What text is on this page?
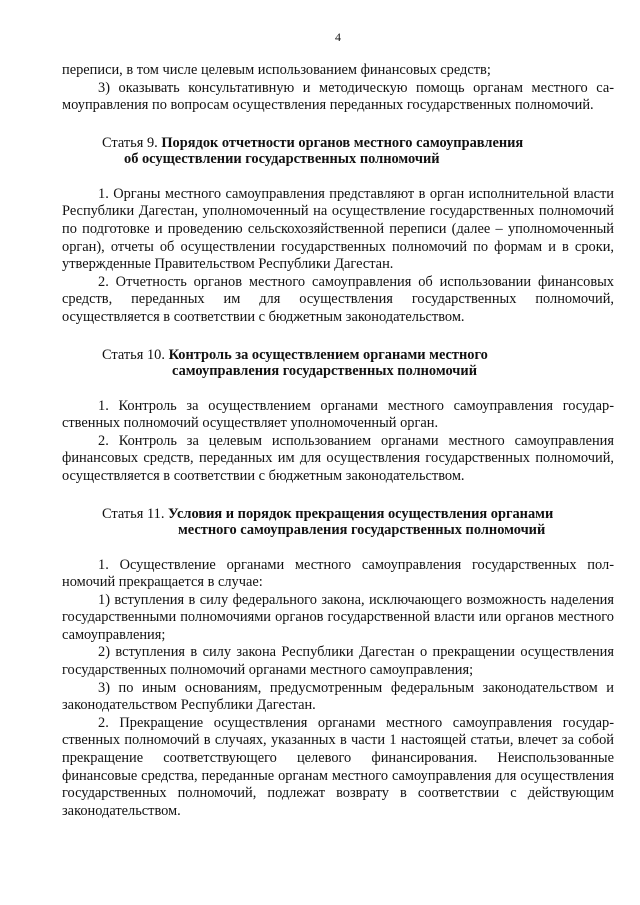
4

переписи, в том числе целевым использованием финансовых средств;

3) оказывать консультативную и методическую помощь органам местного самоуправления по вопросам осуществления переданных государственных полномочий.

Статья 9. Порядок отчетности органов местного самоуправления
об осуществлении государственных полномочий

1. Органы местного самоуправления представляют в орган исполнительной власти Республики Дагестан, уполномоченный на осуществление государственных полномочий по подготовке и проведению сельскохозяйственной переписи (далее – уполномоченный орган), отчеты об осуществлении государственных полномочий по формам и в сроки, утвержденные Правительством Республики Дагестан.

2. Отчетность органов местного самоуправления об использовании финансовых средств, переданных им для осуществления государственных полномочий, осуществляется в соответствии с бюджетным законодательством.

Статья 10. Контроль за осуществлением органами местного
самоуправления государственных полномочий

1. Контроль за осуществлением органами местного самоуправления государственных полномочий осуществляет уполномоченный орган.

2. Контроль за целевым использованием органами местного самоуправления финансовых средств, переданных им для осуществления государственных полномочий, осуществляется в соответствии с бюджетным законодательством.

Статья 11. Условия и порядок прекращения осуществления органами
местного самоуправления государственных полномочий

1. Осуществление органами местного самоуправления государственных полномочий прекращается в случае:

1) вступления в силу федерального закона, исключающего возможность наделения государственными полномочиями органов государственной власти или органов местного самоуправления;

2) вступления в силу закона Республики Дагестан о прекращении осуществления государственных полномочий органами местного самоуправления;

3) по иным основаниям, предусмотренным федеральным законодательством и законодательством Республики Дагестан.

2. Прекращение осуществления органами местного самоуправления государственных полномочий в случаях, указанных в части 1 настоящей статьи, влечет за собой прекращение соответствующего целевого финансирования. Неиспользованные финансовые средства, переданные органам местного самоуправления для осуществления государственных полномочий, подлежат возврату в соответствии с действующим законодательством.
